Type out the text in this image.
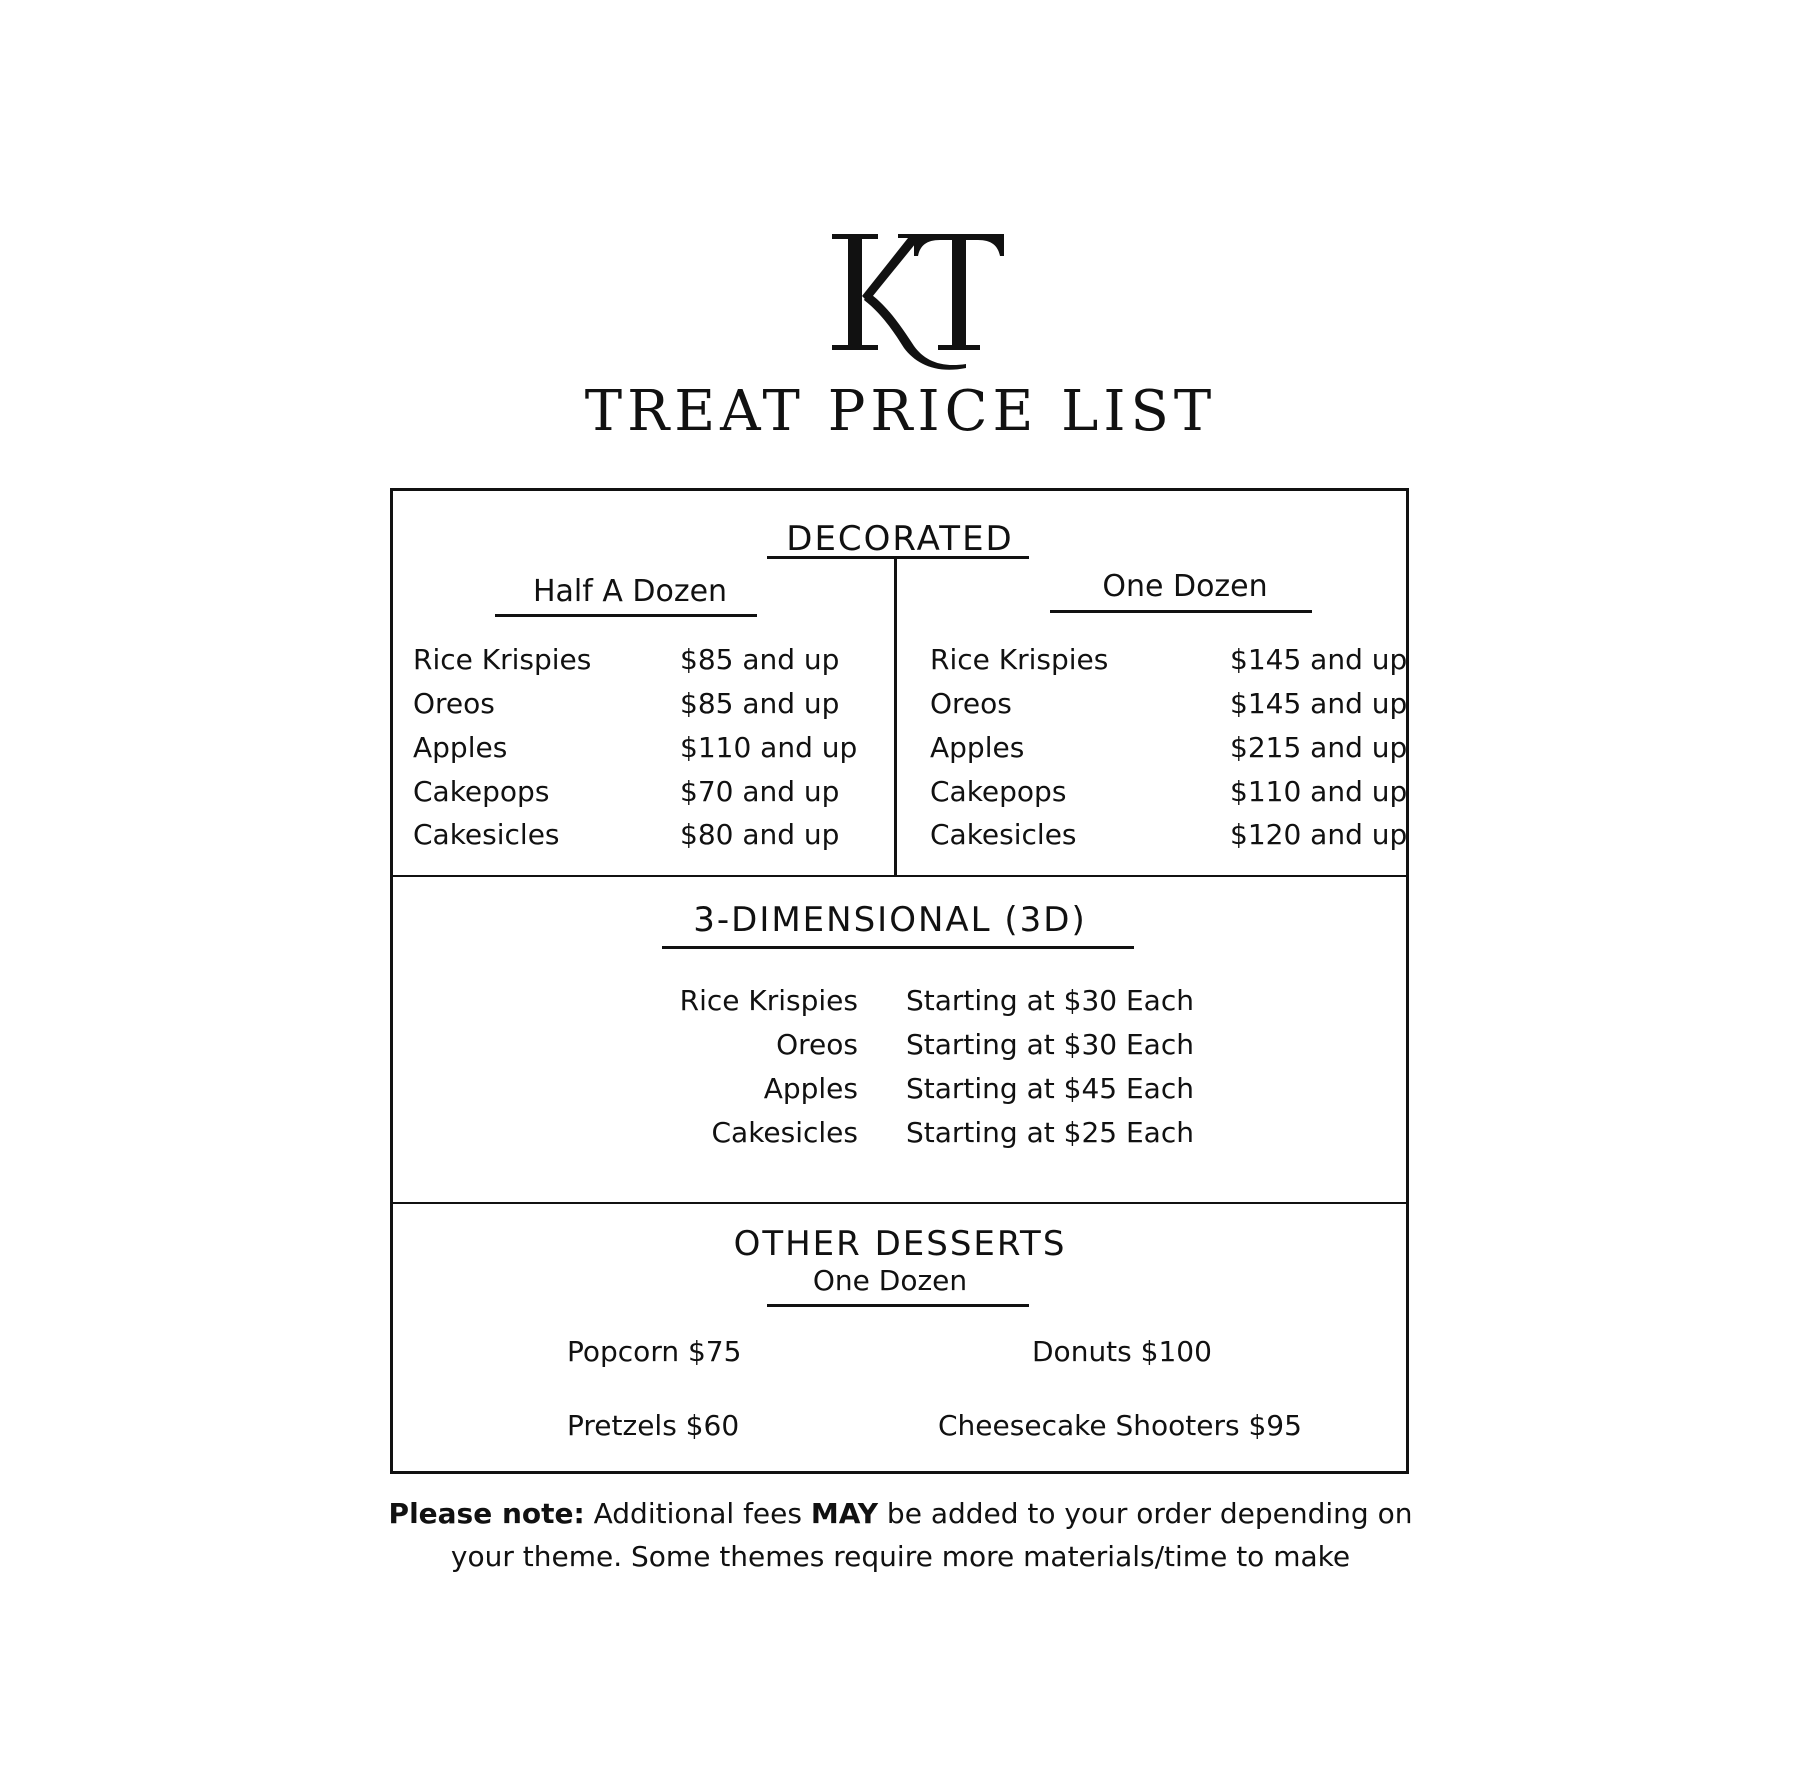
TREAT PRICE LIST
DECORATED
Half A Dozen	One Dozen
Rice Krispies	$85 and up
Oreos	$85 and up
Apples	$110 and up
Cakepops	$70 and up
Cakesicles	$80 and up
Rice Krispies	$145 and up
Oreos	$145 and up
Apples	$215 and up
Cakepops	$110 and up
Cakesicles	$120 and up
3-DIMENSIONAL (3D)
Rice Krispies Starting at $30 Each
Oreos Starting at $30 Each
Apples Starting at $45 Each
Cakesicles Starting at $25 Each
OTHER DESSERTS
One Dozen
Popcorn $75	Donuts $100
Pretzels $60	Cheesecake Shooters $95
Please note: Additional fees MAY be added to your order depending on
your theme. Some themes require more materials/time to make
